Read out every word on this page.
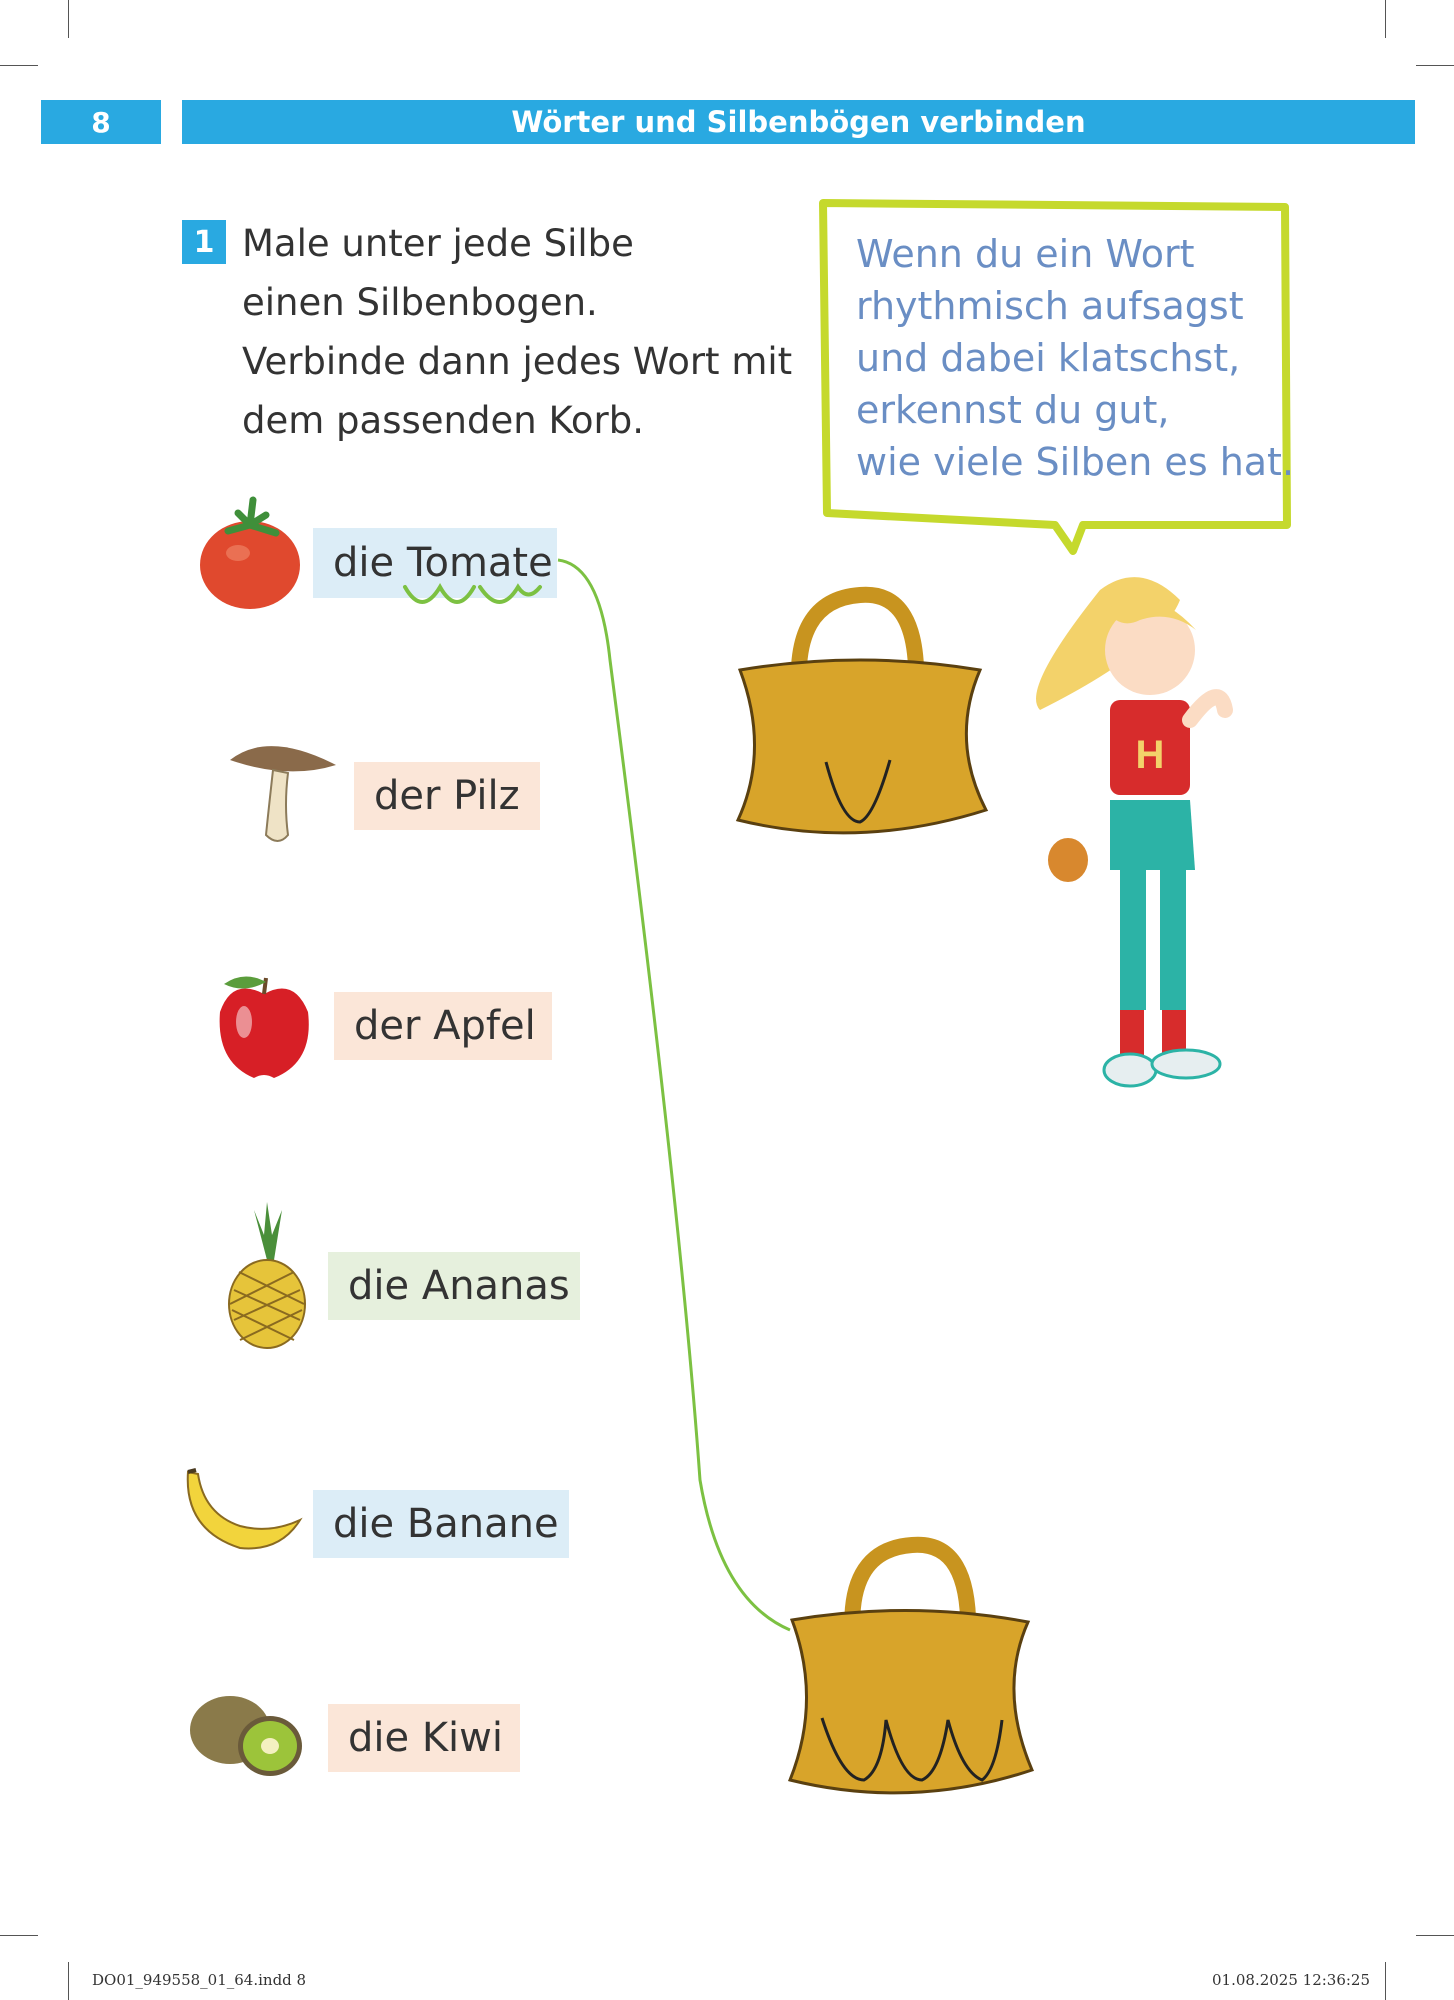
8	Wörter und Silbenbögen verbinden
1 Male unter jede Silbe
einen Silbenbogen.
Verbinde dann jedes Wort mit
dem passenden Korb.
Wenn du ein Wort
rhythmisch aufsagst
und dabei klatschst,
erkennst du gut,
wie viele Silben es hat.
die Tomate
der Pilz
der Apfel
die Ananas
die Banane
die Kiwi
H
DO01_949558_01_64.indd 8	01.08.2025 12:36:25
